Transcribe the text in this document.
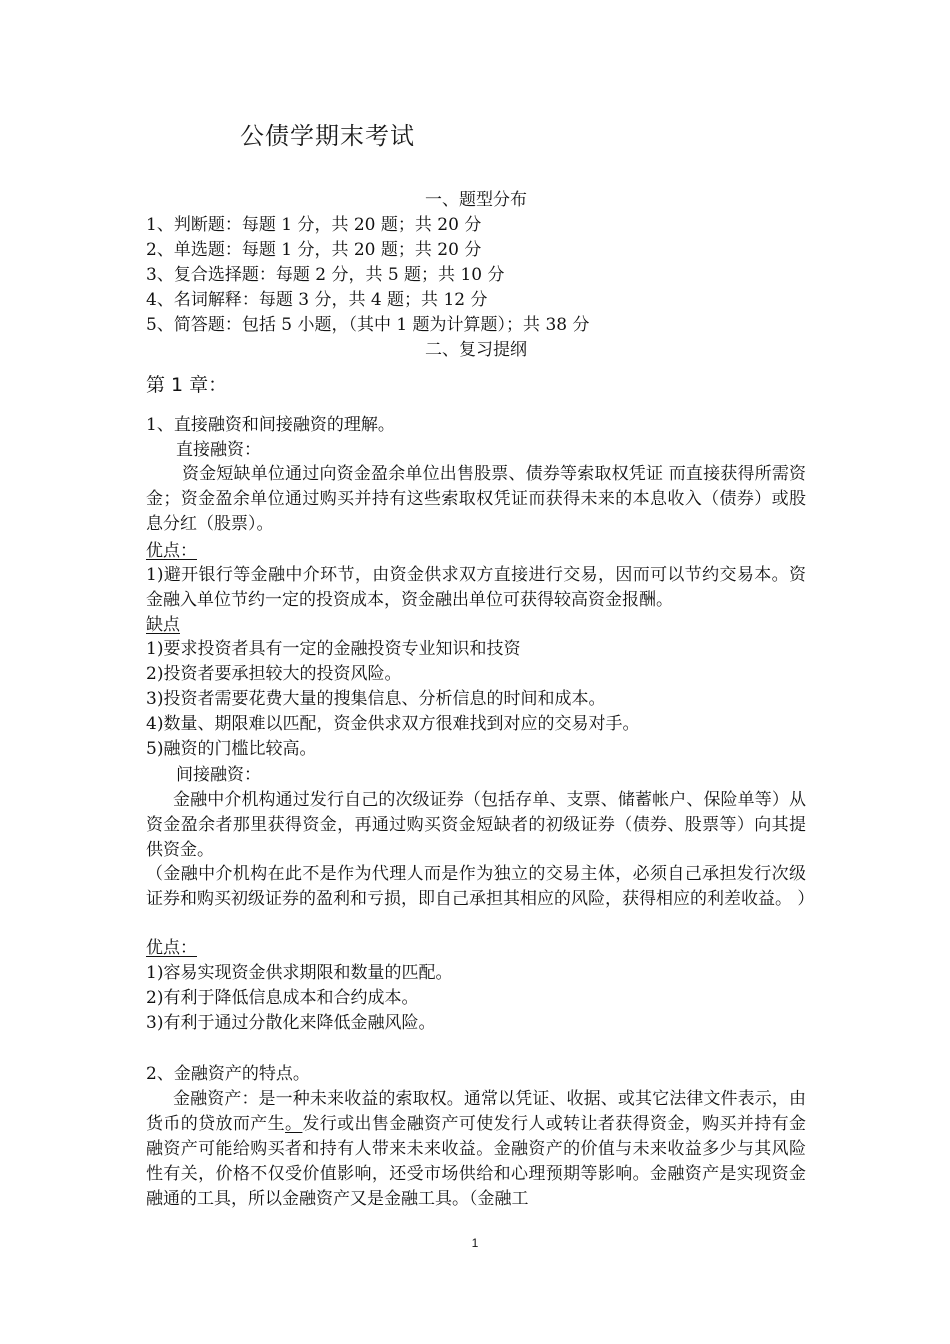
公债学期末考试
一、题型分布
1、判断题：每题 1 分，共 20 题；共 20 分
2、单选题：每题 1 分，共 20 题；共 20 分
3、复合选择题：每题 2 分，共 5 题；共 10 分
4、名词解释：每题 3 分，共 4 题；共 12 分
5、简答题：包括 5 小题，（其中 1 题为计算题）；共 38 分
二、复习提纲
第 1 章：
1、直接融资和间接融资的理解。
直接融资：
资金短缺单位通过向资金盈余单位出售股票、债券等索取权凭证 而直接获得所需资金；资金盈余单位通过购买并持有这些索取权凭证而获得未来的本息收入（债券）或股息分红（股票）。
优点：
1)避开银行等金融中介环节，由资金供求双方直接进行交易，因而可以节约交易本。资金融入单位节约一定的投资成本，资金融出单位可获得较高资金报酬。
缺点
1)要求投资者具有一定的金融投资专业知识和技资
2)投资者要承担较大的投资风险。
3)投资者需要花费大量的搜集信息、分析信息的时间和成本。
4)数量、期限难以匹配，资金供求双方很难找到对应的交易对手。
5)融资的门槛比较高。
间接融资：
金融中介机构通过发行自己的次级证券（包括存单、支票、储蓄帐户、保险单等）从资金盈余者那里获得资金，再通过购买资金短缺者的初级证券（债券、股票等）向其提供资金。
（金融中介机构在此不是作为代理人而是作为独立的交易主体，必须自己承担发行次级证券和购买初级证券的盈利和亏损，即自己承担其相应的风险，获得相应的利差收益。 ）
优点：
1)容易实现资金供求期限和数量的匹配。
2)有利于降低信息成本和合约成本。
3)有利于通过分散化来降低金融风险。
2、金融资产的特点。
金融资产：是一种未来收益的索取权。通常以凭证、收据、或其它法律文件表示，由货币的贷放而产生。发行或出售金融资产可使发行人或转让者获得资金，购买并持有金融资产可能给购买者和持有人带来未来收益。金融资产的价值与未来收益多少与其风险性有关，价格不仅受价值影响，还受市场供给和心理预期等影响。金融资产是实现资金融通的工具，所以金融资产又是金融工具。（金融工
1
